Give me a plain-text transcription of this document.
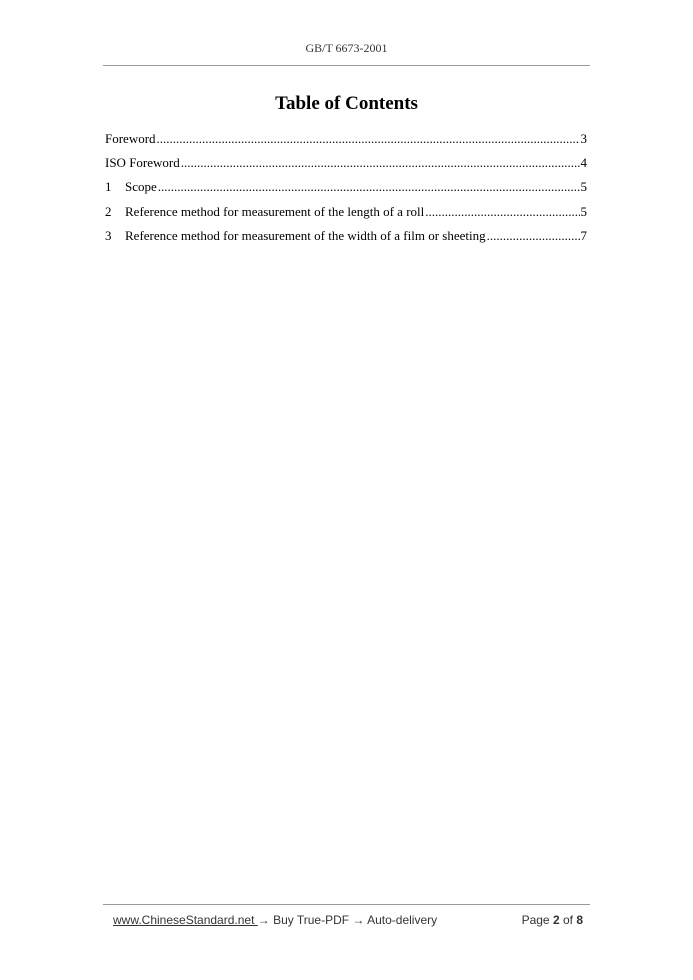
GB/T 6673-2001
Table of Contents
Foreword .....	3
ISO Foreword .....	4
1	Scope .....	5
2	Reference method for measurement of the length of a roll .....	5
3	Reference method for measurement of the width of a film or sheeting .....	7
www.ChineseStandard.net → Buy True-PDF → Auto-delivery	Page 2 of 8
